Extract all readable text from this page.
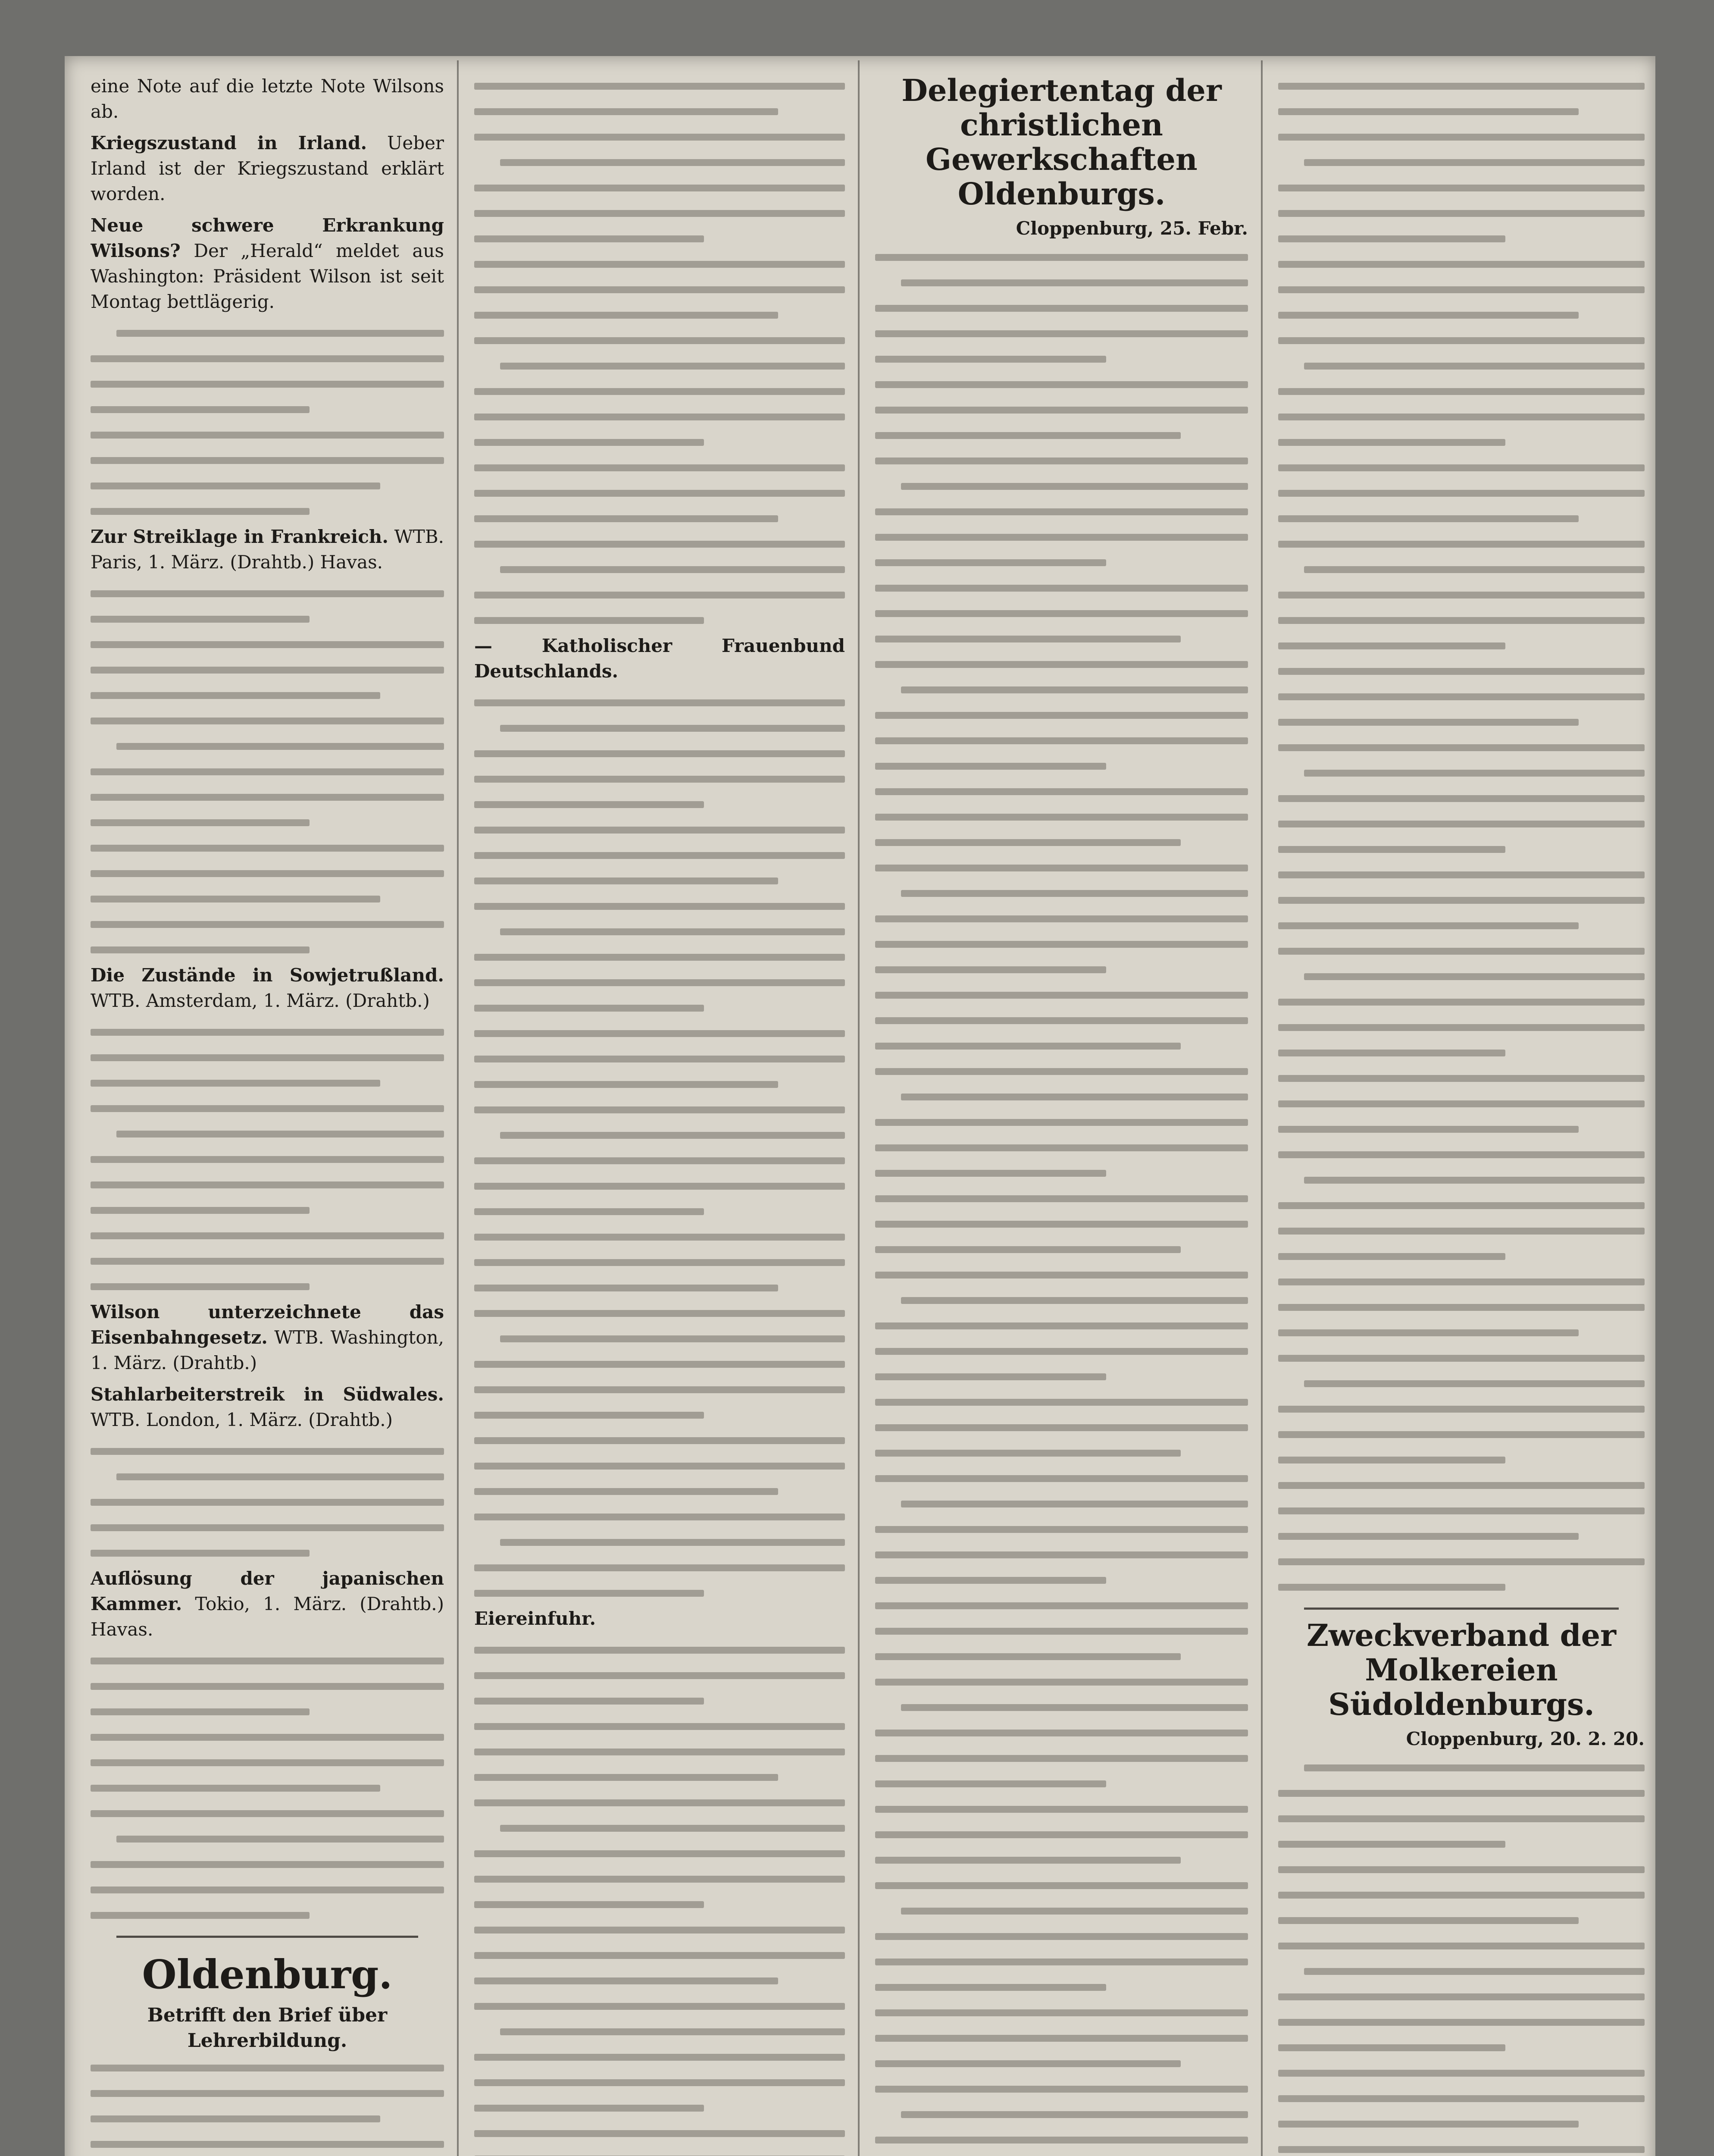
eine Note auf die letzte Note Wilsons ab.

Kriegszustand in Irland. Ueber Irland ist der Kriegszustand erklärt worden.

Neue schwere Erkrankung Wilsons? Der „Herald“ meldet aus Washington: Präsident Wilson ist seit Montag bettlägerig.

Zur Streiklage in Frankreich. WTB. Paris, 1. März. (Drahtb.) Havas.

Die Zustände in Sowjetrußland. WTB. Amsterdam, 1. März. (Drahtb.)

Wilson unterzeichnete das Eisenbahngesetz. WTB. Washington, 1. März. (Drahtb.)

Stahlarbeiterstreik in Südwales. WTB. London, 1. März. (Drahtb.)

Auflösung der japanischen Kammer. Tokio, 1. März. (Drahtb.) Havas.

Oldenburg.
Betrifft den Brief über Lehrerbildung.

— Katholischer Frauenbund Deutschlands.

Eiereinfuhr.

Delegiertentag der christlichen Gewerkschaften Oldenburgs.
Cloppenburg, 25. Febr.
Zweckverband der Molkereien Südoldenburgs.
Cloppenburg, 20. 2. 20.
